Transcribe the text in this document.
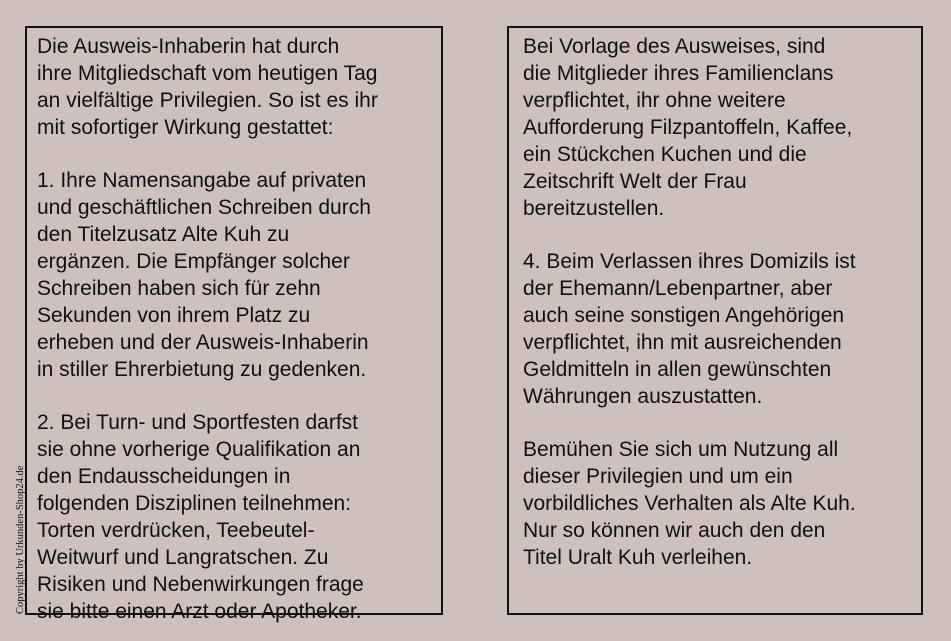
Die Ausweis-Inhaberin hat durch
ihre Mitgliedschaft vom heutigen Tag
an vielfältige Privilegien. So ist es ihr
mit sofortiger Wirkung gestattet:

1. Ihre Namensangabe auf privaten
und geschäftlichen Schreiben durch
den Titelzusatz Alte Kuh zu
ergänzen. Die Empfänger solcher
Schreiben haben sich für zehn
Sekunden von ihrem Platz zu
erheben und der Ausweis-Inhaberin
in stiller Ehrerbietung zu gedenken.

2. Bei Turn- und Sportfesten darfst
sie ohne vorherige Qualifikation an
den Endausscheidungen in
folgenden Disziplinen teilnehmen:
Torten verdrücken, Teebeutel-
Weitwurf und Langratschen. Zu
Risiken und Nebenwirkungen frage
sie bitte einen Arzt oder Apotheker.

Bei Vorlage des Ausweises, sind
die Mitglieder ihres Familienclans
verpflichtet, ihr ohne weitere
Aufforderung Filzpantoffeln, Kaffee,
ein Stückchen Kuchen und die
Zeitschrift Welt der Frau
bereitzustellen.

4. Beim Verlassen ihres Domizils ist
der Ehemann/Lebenpartner, aber
auch seine sonstigen Angehörigen
verpflichtet, ihn mit ausreichenden
Geldmitteln in allen gewünschten
Währungen auszustatten.

Bemühen Sie sich um Nutzung all
dieser Privilegien und um ein
vorbildliches Verhalten als Alte Kuh.
Nur so können wir auch den den
Titel Uralt Kuh verleihen.

Copyright by Urkunden-Shop24.de
